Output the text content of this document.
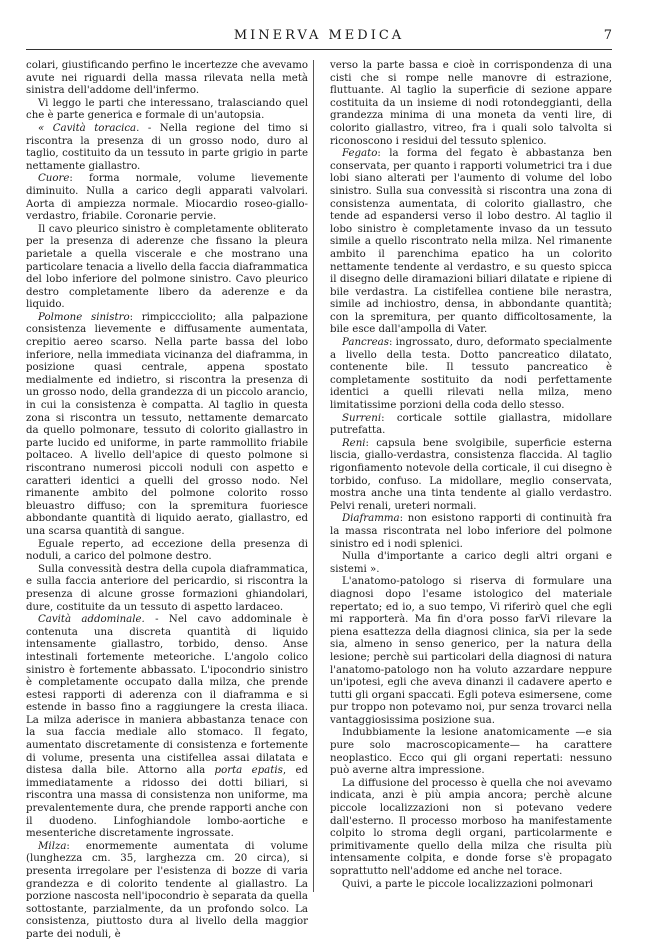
MINERVA MEDICA	7

colari, giustificando perfino le incertezze che avevamo avute nei riguardi della massa rilevata nella metà sinistra dell'addome dell'infermo.

Vi leggo le parti che interessano, tralasciando quel che è parte generica e formale di un'autopsia.

« Cavità toracica. - Nella regione del timo si riscontra la presenza di un grosso nodo, duro al taglio, costituito da un tessuto in parte grigio in parte nettamente giallastro.

Cuore: forma normale, volume lievemente diminuito. Nulla a carico degli apparati valvolari. Aorta di ampiezza normale. Miocardio roseo-giallo-verdastro, friabile. Coronarie pervie.

Il cavo pleurico sinistro è completamente obliterato per la presenza di aderenze che fissano la pleura parietale a quella viscerale e che mostrano una particolare tenacia a livello della faccia diaframmatica del lobo inferiore del polmone sinistro. Cavo pleurico destro completamente libero da aderenze e da liquido.

Polmone sinistro: rimpiccciolito; alla palpazione consistenza lievemente e diffusamente aumentata, crepitio aereo scarso. Nella parte bassa del lobo inferiore, nella immediata vicinanza del diaframma, in posizione quasi centrale, appena spostato medialmente ed indietro, si riscontra la presenza di un grosso nodo, della grandezza di un piccolo arancio, in cui la consistenza è compatta. Al taglio in questa zona si riscontra un tessuto, nettamente demarcato da quello polmonare, tessuto di colorito giallastro in parte lucido ed uniforme, in parte rammollito friabile poltaceo. A livello dell'apice di questo polmone si riscontrano numerosi piccoli noduli con aspetto e caratteri identici a quelli del grosso nodo. Nel rimanente ambito del polmone colorito rosso bleuastro diffuso; con la spremitura fuoriesce abbondante quantità di liquido aerato, giallastro, ed una scarsa quantità di sangue.

Eguale reperto, ad eccezione della presenza di noduli, a carico del polmone destro.

Sulla convessità destra della cupola diaframmatica, e sulla faccia anteriore del pericardio, si riscontra la presenza di alcune grosse formazioni ghiandolari, dure, costituite da un tessuto di aspetto lardaceo.

Cavità addominale. - Nel cavo addominale è contenuta una discreta quantità di liquido intensamente giallastro, torbido, denso. Anse intestinali fortemente meteoriche. L'angolo colico sinistro è fortemente abbassato. L'ipocondrio sinistro è completamente occupato dalla milza, che prende estesi rapporti di aderenza con il diaframma e si estende in basso fino a raggiungere la cresta iliaca. La milza aderisce in maniera abbastanza tenace con la sua faccia mediale allo stomaco. Il fegato, aumentato discretamente di consistenza e fortemente di volume, presenta una cistifellea assai dilatata e distesa dalla bile. Attorno alla porta epatis, ed immediatamente a ridosso dei dotti biliari, si riscontra una massa di consistenza non uniforme, ma prevalentemente dura, che prende rapporti anche con il duodeno. Linfoghiandole lombo-aortiche e mesenteriche discretamente ingrossate.

Milza: enormemente aumentata di volume (lunghezza cm. 35, larghezza cm. 20 circa), si presenta irregolare per l'esistenza di bozze di varia grandezza e di colorito tendente al giallastro. La porzione nascosta nell'ipocondrio è separata da quella sottostante, parzialmente, da un profondo solco. La consistenza, piuttosto dura al livello della maggior parte dei noduli, è

verso la parte bassa e cioè in corrispondenza di una cisti che si rompe nelle manovre di estrazione, fluttuante. Al taglio la superficie di sezione appare costituita da un insieme di nodi rotondeggianti, della grandezza minima di una moneta da venti lire, di colorito giallastro, vitreo, fra i quali solo talvolta si riconoscono i residui del tessuto splenico.

Fegato: la forma del fegato è abbastanza ben conservata, per quanto i rapporti volumetrici tra i due lobi siano alterati per l'aumento di volume del lobo sinistro. Sulla sua convessità si riscontra una zona di consistenza aumentata, di colorito giallastro, che tende ad espandersi verso il lobo destro. Al taglio il lobo sinistro è completamente invaso da un tessuto simile a quello riscontrato nella milza. Nel rimanente ambito il parenchima epatico ha un colorito nettamente tendente al verdastro, e su questo spicca il disegno delle diramazioni biliari dilatate e ripiene di bile verdastra. La cistifellea contiene bile nerastra, simile ad inchiostro, densa, in abbondante quantità; con la spremitura, per quanto difficoltosamente, la bile esce dall'ampolla di Vater.

Pancreas: ingrossato, duro, deformato specialmente a livello della testa. Dotto pancreatico dilatato, contenente bile. Il tessuto pancreatico è completamente sostituito da nodi perfettamente identici a quelli rilevati nella milza, meno limitatissime porzioni della coda dello stesso.

Surreni: corticale sottile giallastra, midollare putrefatta.

Reni: capsula bene svolgibile, superficie esterna liscia, giallo-verdastra, consistenza flaccida. Al taglio rigonfiamento notevole della corticale, il cui disegno è torbido, confuso. La midollare, meglio conservata, mostra anche una tinta tendente al giallo verdastro. Pelvi renali, ureteri normali.

Diaframma: non esistono rapporti di continuità fra la massa riscontrata nel lobo inferiore del polmone sinistro ed i nodi splenici.

Nulla d'importante a carico degli altri organi e sistemi ».

L'anatomo-patologo si riserva di formulare una diagnosi dopo l'esame istologico del materiale repertato; ed io, a suo tempo, Vi riferirò quel che egli mi rapporterà. Ma fin d'ora posso farVi rilevare la piena esattezza della diagnosi clinica, sia per la sede sia, almeno in senso generico, per la natura della lesione; perchè sui particolari della diagnosi di natura l'anatomo-patologo non ha voluto azzardare neppure un'ipotesi, egli che aveva dinanzi il cadavere aperto e tutti gli organi spaccati. Egli poteva esimersene, come pur troppo non potevamo noi, pur senza trovarci nella vantaggiosissima posizione sua.

Indubbiamente la lesione anatomicamente —e sia pure solo macroscopicamente— ha carattere neoplastico. Ecco qui gli organi repertati: nessuno può averne altra impressione.

La diffusione del processo è quella che noi avevamo indicata, anzi è più ampia ancora; perchè alcune piccole localizzazioni non si potevano vedere dall'esterno. Il processo morboso ha manifestamente colpito lo stroma degli organi, particolarmente e primitivamente quello della milza che risulta più intensamente colpita, e donde forse s'è propagato soprattutto nell'addome ed anche nel torace.

Quivi, a parte le piccole localizzazioni polmonari
